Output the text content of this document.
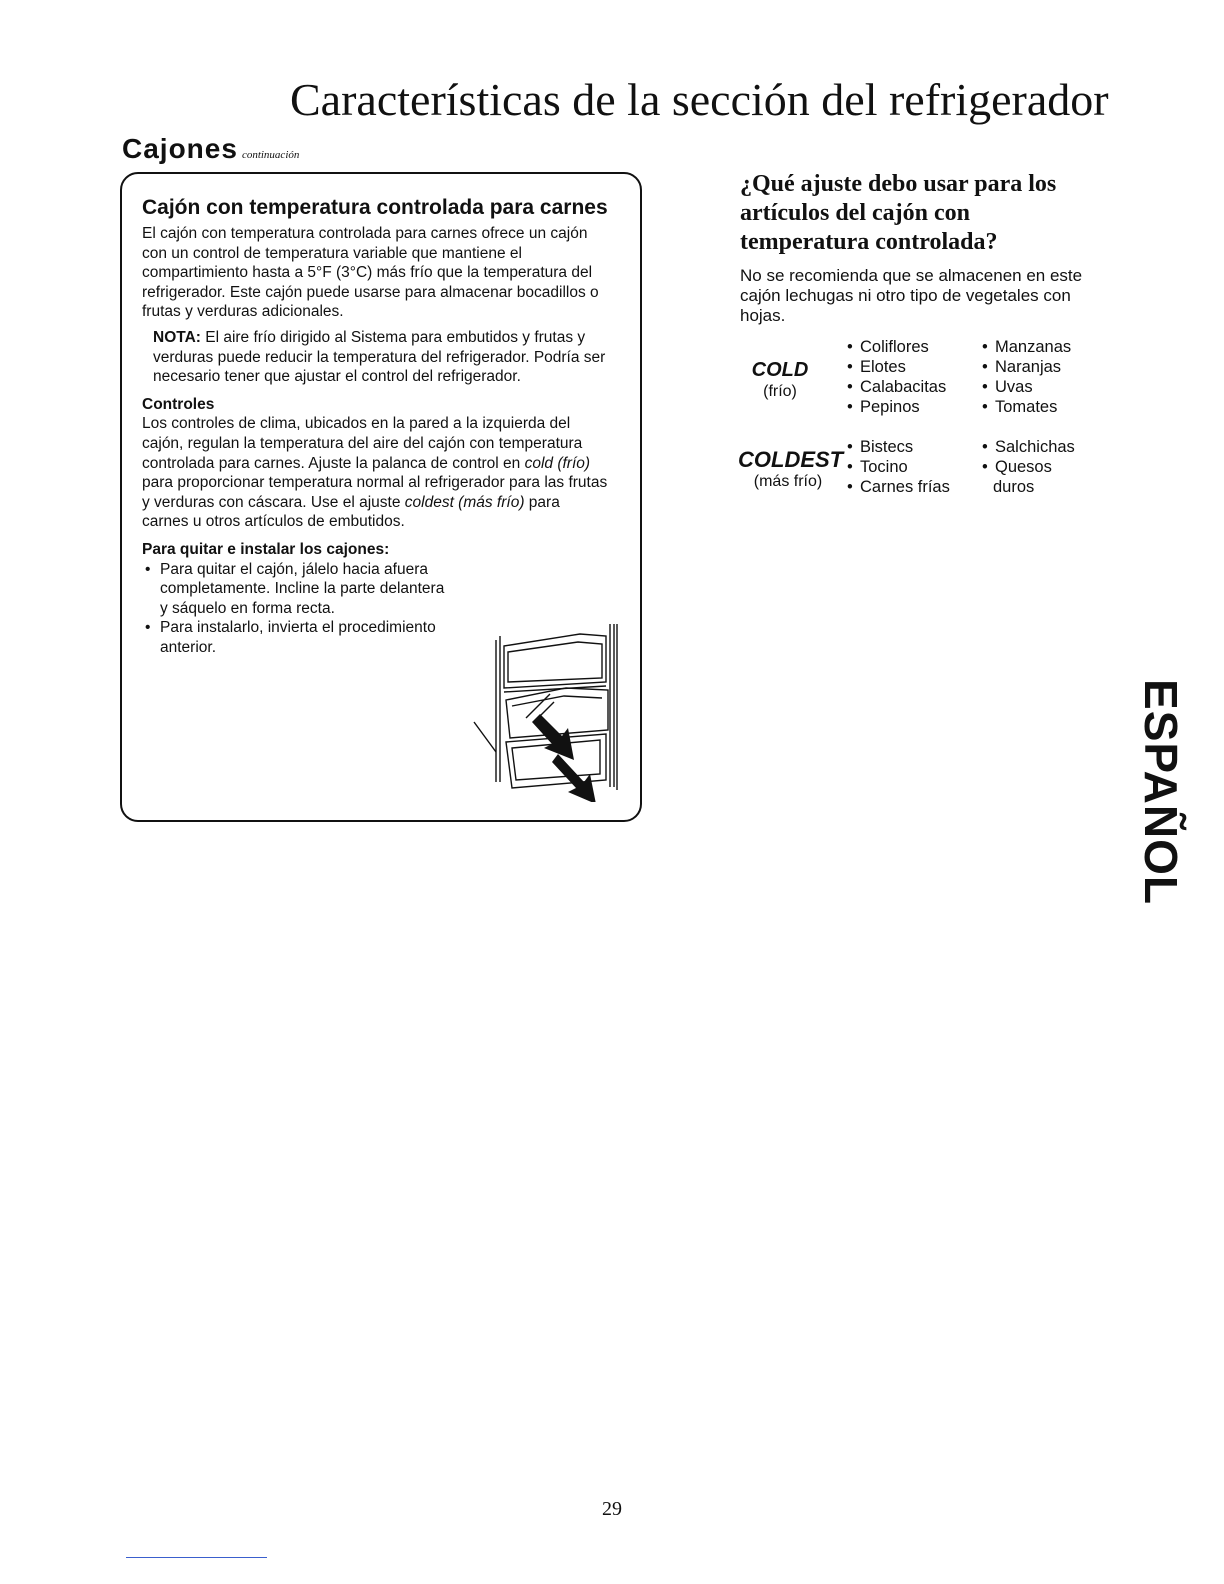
Características de la sección del refrigerador
Cajones continuación
Cajón con temperatura controlada para carnes

El cajón con temperatura controlada para carnes ofrece un cajón con un control de temperatura variable que mantiene el compartimiento hasta a 5°F (3°C) más frío que la temperatura del refrigerador. Este cajón puede usarse para almacenar bocadillos o frutas y verduras adicionales.

NOTA: El aire frío dirigido al Sistema para embutidos y frutas y verduras puede reducir la temperatura del refrigerador. Podría ser necesario tener que ajustar el control del refrigerador.

Controles

Los controles de clima, ubicados en la pared a la izquierda del cajón, regulan la temperatura del aire del cajón con temperatura controlada para carnes. Ajuste la palanca de control en cold (frío) para proporcionar temperatura normal al refrigerador para las frutas y verduras con cáscara. Use el ajuste coldest (más frío) para carnes u otros artículos de embutidos.

Para quitar e instalar los cajones:
• Para quitar el cajón, jálelo hacia afuera completamente. Incline la parte delantera y sáquelo en forma recta.
• Para instalarlo, invierta el procedimiento anterior.
¿Qué ajuste debo usar para los artículos del cajón con temperatura controlada?

No se recomienda que se almacenen en este cajón lechugas ni otro tipo de vegetales con hojas.

COLD
(frío)
• Coliflores
• Elotes
• Calabacitas
• Pepinos
• Manzanas
• Naranjas
• Uvas
• Tomates
COLDEST
(más frío)
• Bistecs
• Tocino
• Carnes frías
• Salchichas
• Quesos
duros
ESPAÑOL
29
